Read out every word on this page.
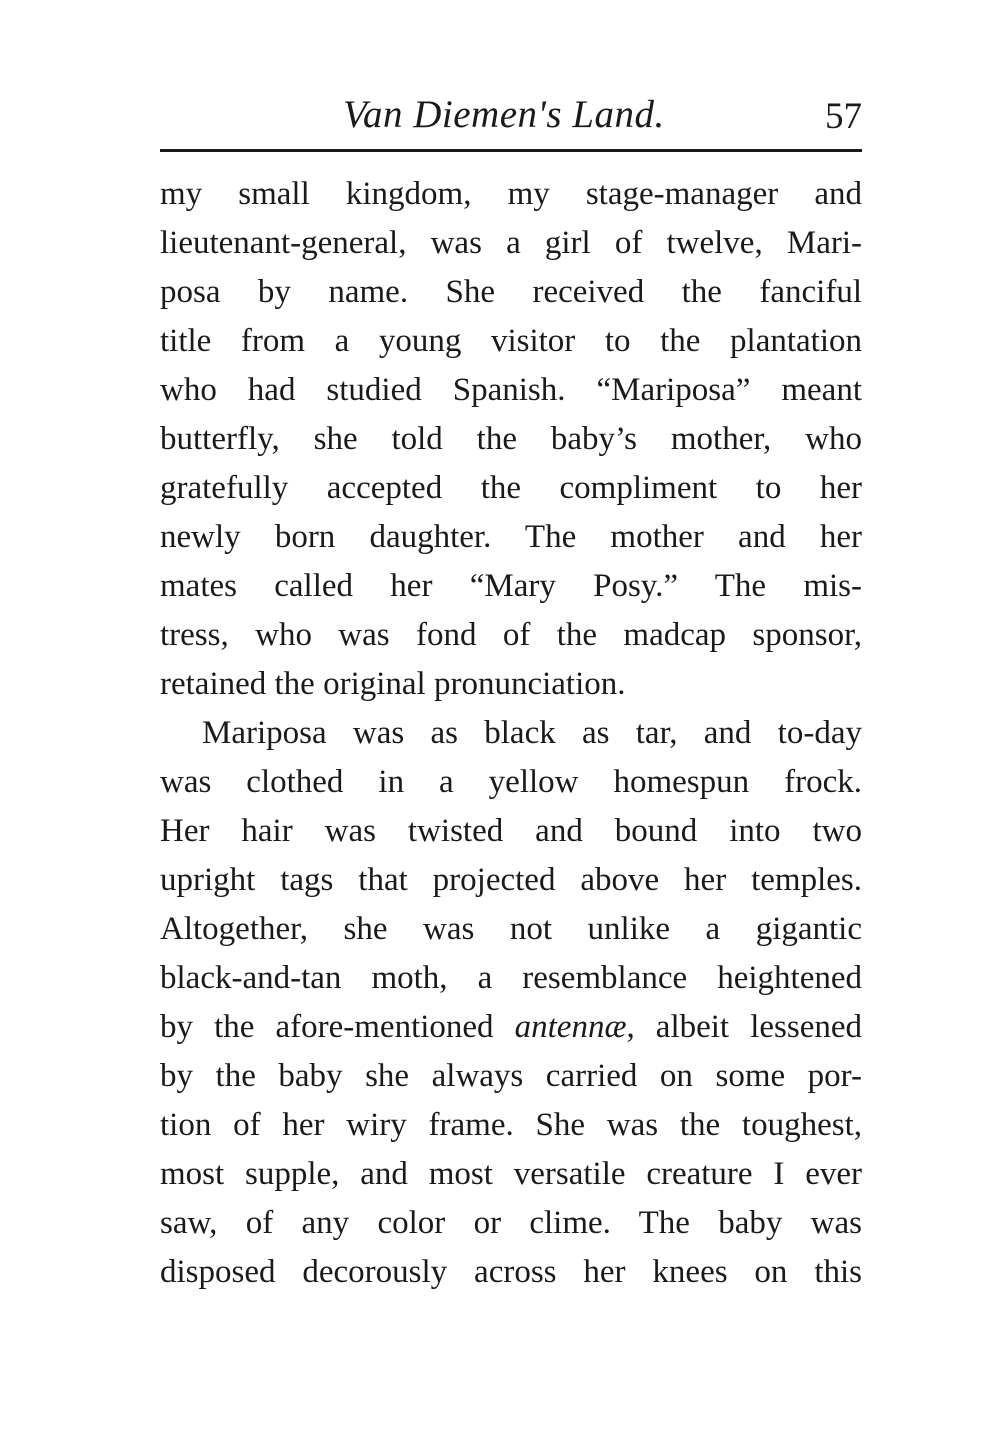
Van Diemen's Land.	57
my small kingdom, my stage-manager and
lieutenant-general, was a girl of twelve, Mari-
posa by name. She received the fanciful
title from a young visitor to the plantation
who had studied Spanish. “Mariposa” meant
butterfly, she told the baby’s mother, who
gratefully accepted the compliment to her
newly born daughter. The mother and her
mates called her “Mary Posy.” The mis-
tress, who was fond of the madcap sponsor,
retained the original pronunciation.
Mariposa was as black as tar, and to-day
was clothed in a yellow homespun frock.
Her hair was twisted and bound into two
upright tags that projected above her temples.
Altogether, she was not unlike a gigantic
black-and-tan moth, a resemblance heightened
by the afore-mentioned antennæ, albeit lessened
by the baby she always carried on some por-
tion of her wiry frame. She was the toughest,
most supple, and most versatile creature I ever
saw, of any color or clime. The baby was
disposed decorously across her knees on this
